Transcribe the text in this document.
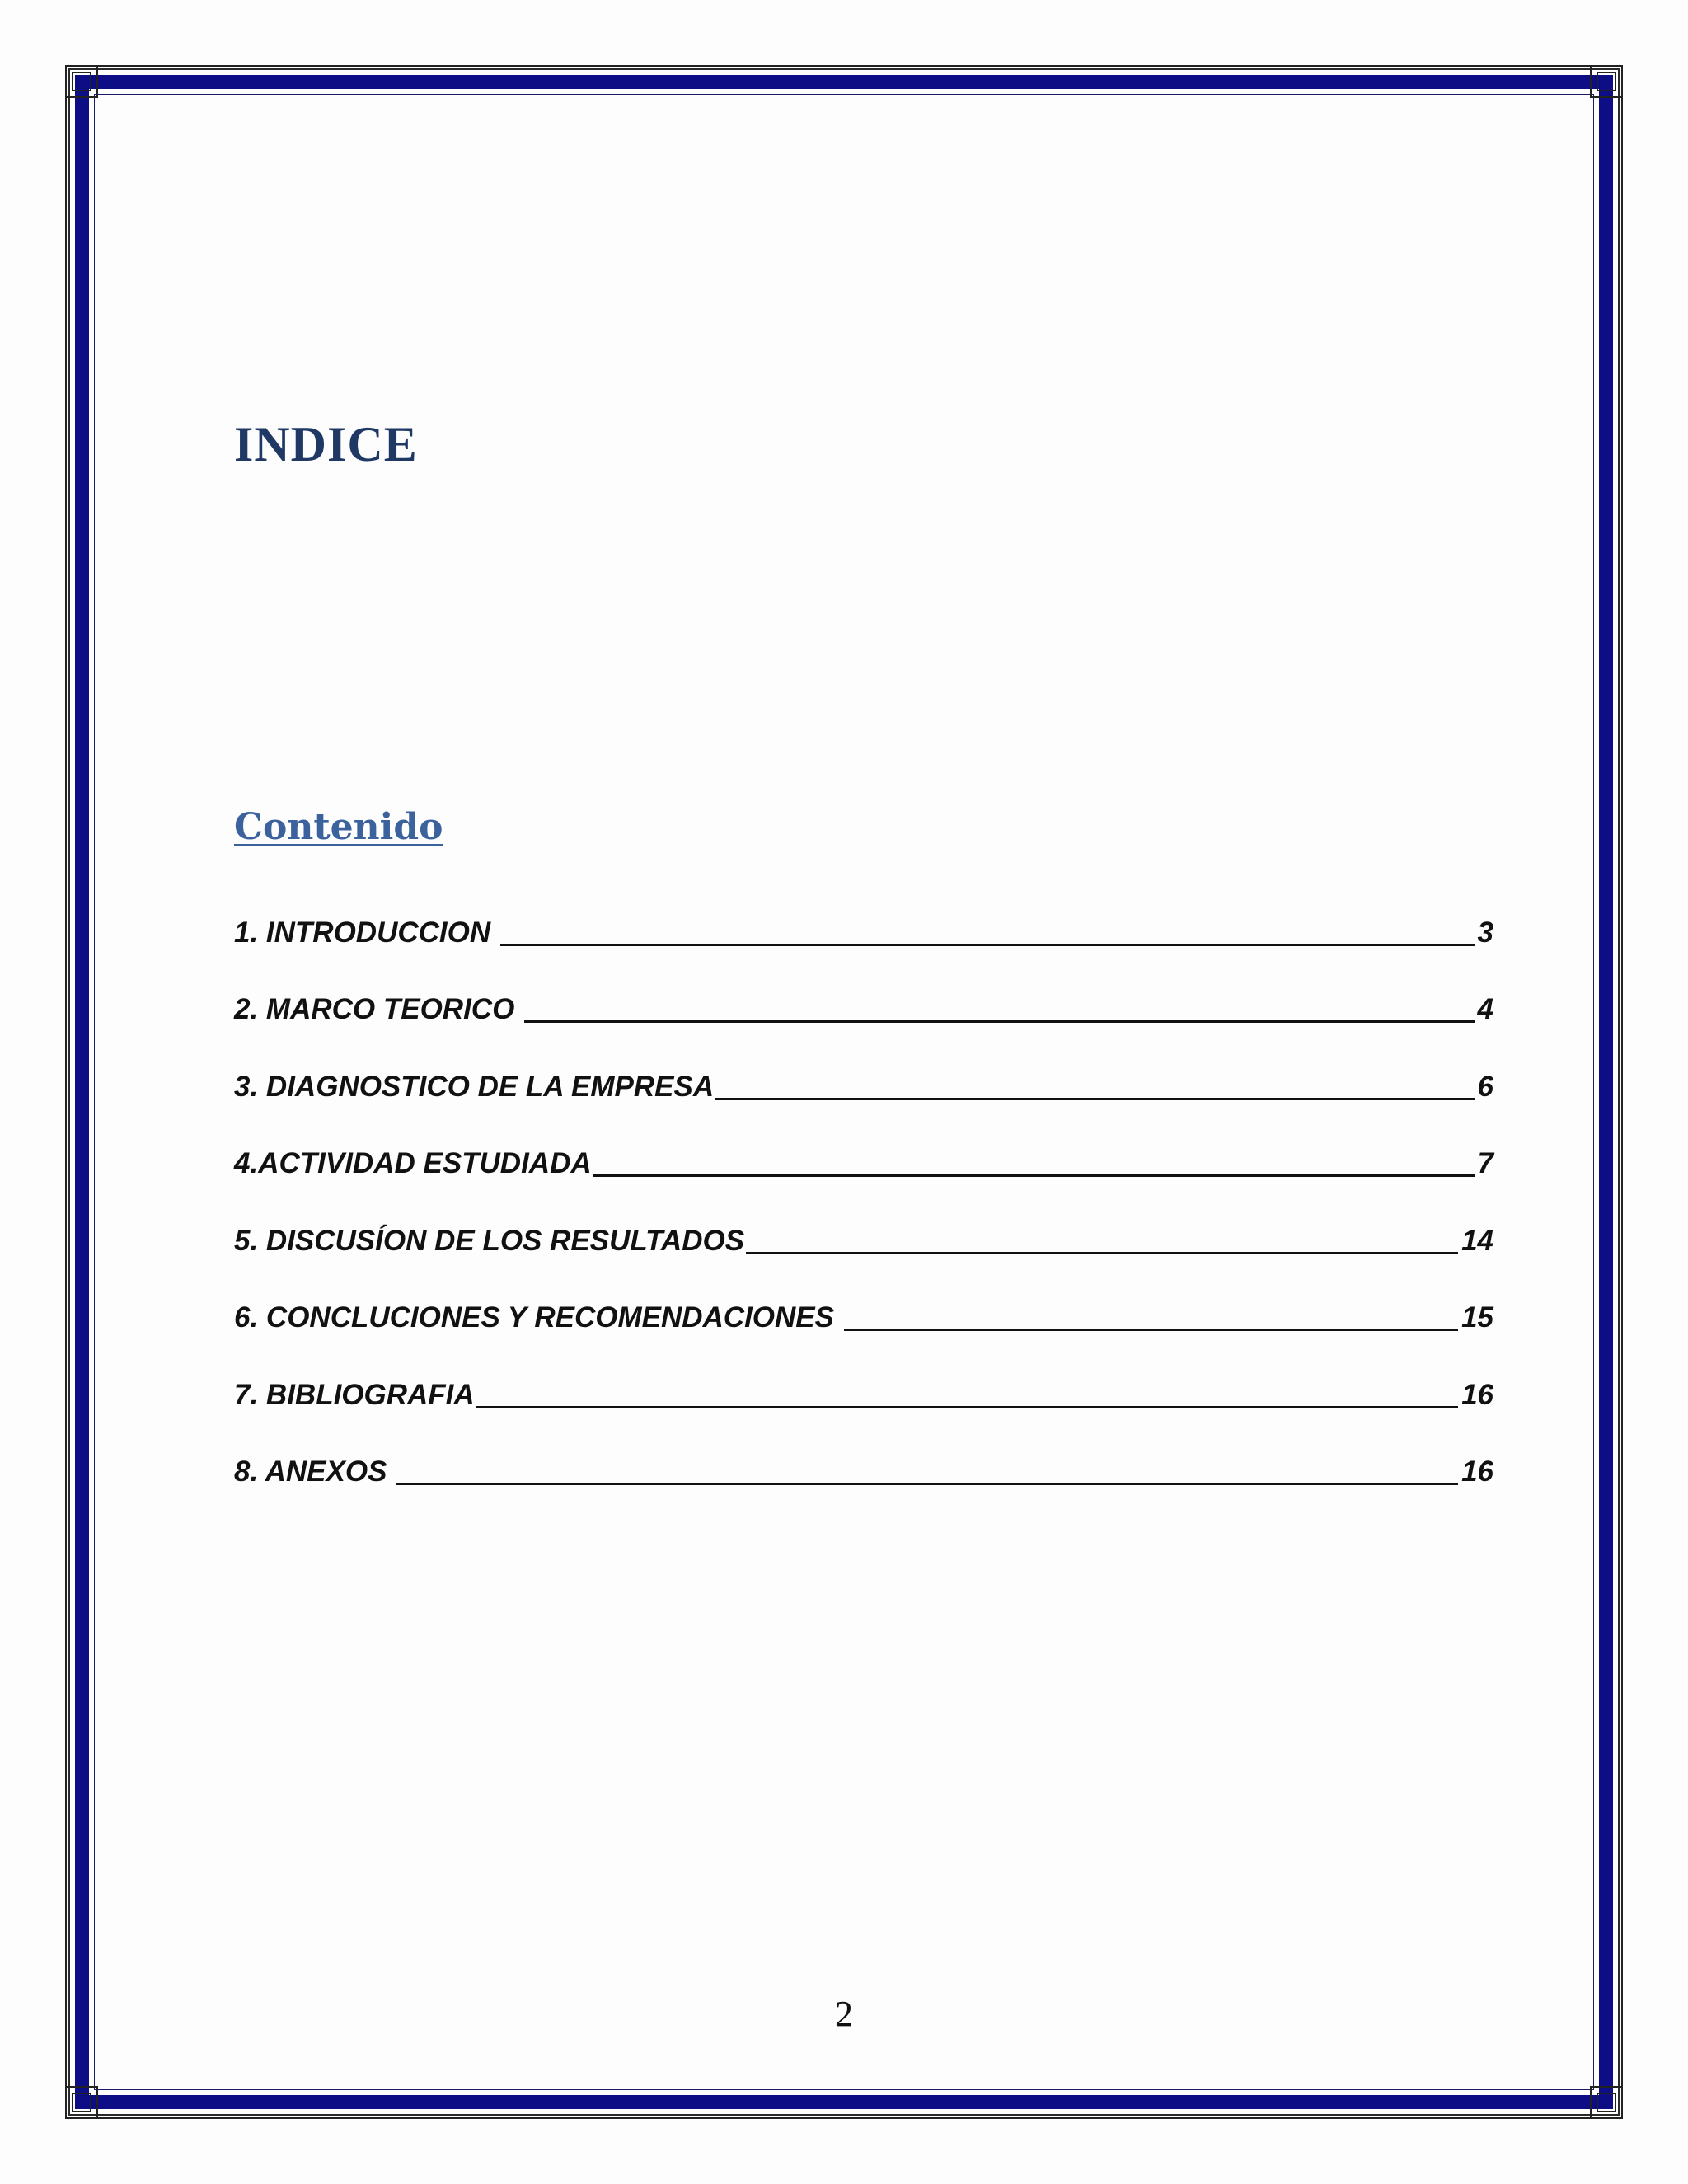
INDICE
Contenido
1. INTRODUCCION	3
2. MARCO TEORICO	4
3. DIAGNOSTICO DE LA EMPRESA	6
4.ACTIVIDAD ESTUDIADA	7
5. DISCUSÍON DE LOS RESULTADOS	14
6. CONCLUCIONES Y RECOMENDACIONES	15
7. BIBLIOGRAFIA	16
8. ANEXOS	16
2
